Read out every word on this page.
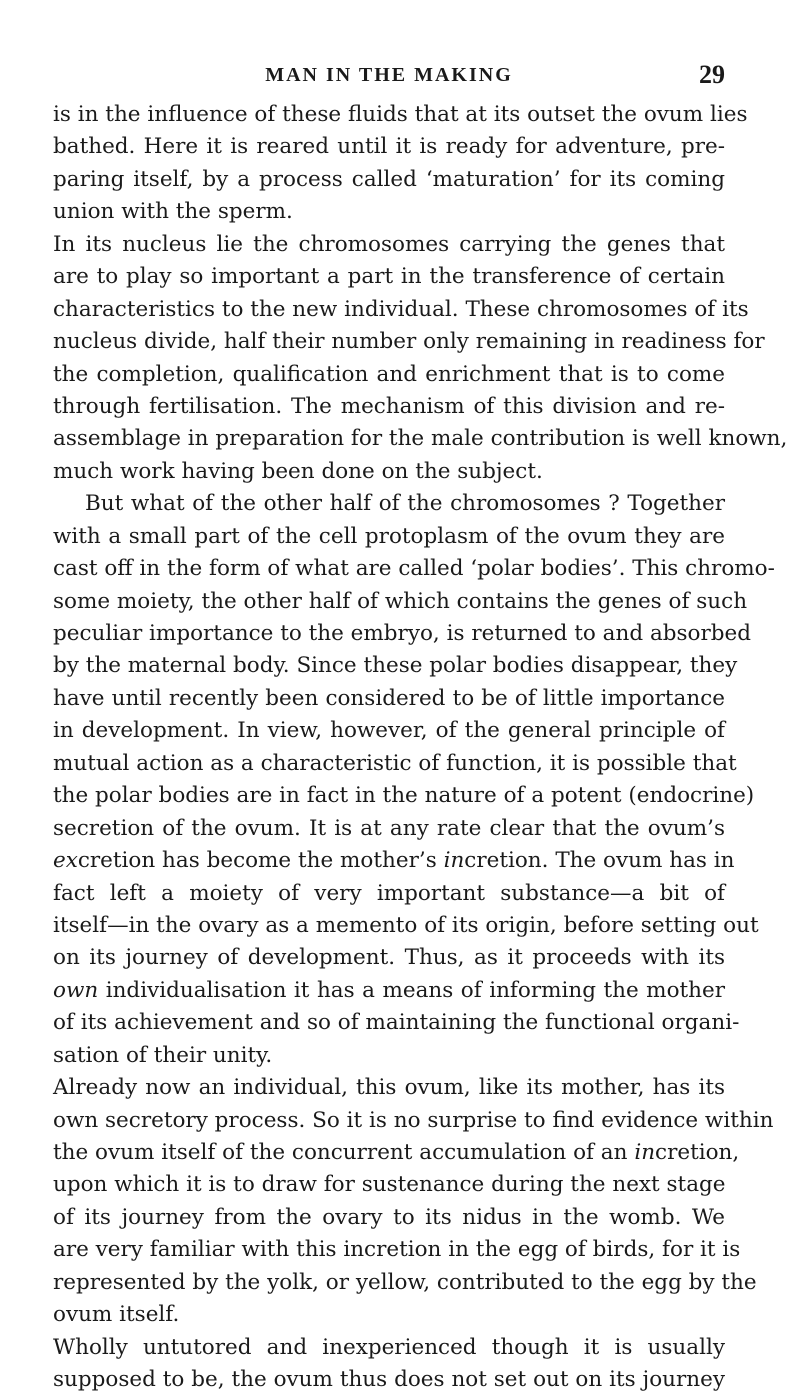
MAN IN THE MAKING	29
is in the influence of these fluids that at its outset the ovum lies
bathed. Here it is reared until it is ready for adventure, pre-
paring itself, by a process called ‘maturation’ for its coming
union with the sperm.
In its nucleus lie the chromosomes carrying the genes that
are to play so important a part in the transference of certain
characteristics to the new individual. These chromosomes of its
nucleus divide, half their number only remaining in readiness for
the completion, qualification and enrichment that is to come
through fertilisation. The mechanism of this division and re-
assemblage in preparation for the male contribution is well known,
much work having been done on the subject.
But what of the other half of the chromosomes ? Together
with a small part of the cell protoplasm of the ovum they are
cast off in the form of what are called ‘polar bodies’. This chromo-
some moiety, the other half of which contains the genes of such
peculiar importance to the embryo, is returned to and absorbed
by the maternal body. Since these polar bodies disappear, they
have until recently been considered to be of little importance
in development. In view, however, of the general principle of
mutual action as a characteristic of function, it is possible that
the polar bodies are in fact in the nature of a potent (endocrine)
secretion of the ovum. It is at any rate clear that the ovum’s
excretion has become the mother’s incretion. The ovum has in
fact left a moiety of very important substance—a bit of
itself—in the ovary as a memento of its origin, before setting out
on its journey of development. Thus, as it proceeds with its
own individualisation it has a means of informing the mother
of its achievement and so of maintaining the functional organi-
sation of their unity.
Already now an individual, this ovum, like its mother, has its
own secretory process. So it is no surprise to find evidence within
the ovum itself of the concurrent accumulation of an incretion,
upon which it is to draw for sustenance during the next stage
of its journey from the ovary to its nidus in the womb. We
are very familiar with this incretion in the egg of birds, for it is
represented by the yolk, or yellow, contributed to the egg by the
ovum itself.
Wholly untutored and inexperienced though it is usually
supposed to be, the ovum thus does not set out on its journey
